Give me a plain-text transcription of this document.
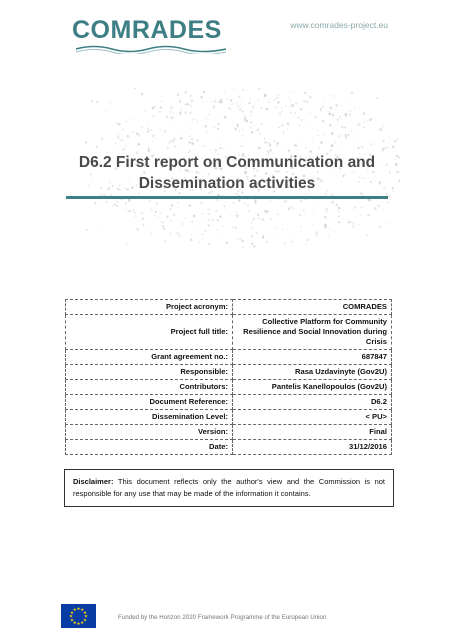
COMRADES	www.comrades-project.eu
D6.2 First report on Communication and Dissemination activities
Project acronym:	COMRADES
Project full title:	Collective Platform for Community Resilience and Social Innovation during Crisis
Grant agreement no.:	687847
Responsible:	Rasa Uzdavinyte (Gov2U)
Contributors:	Pantelis Kanellopoulos (Gov2U)
Document Reference:	D6.2
Dissemination Level:	< PU>
Version:	Final
Date:	31/12/2016
Disclaimer: This document reflects only the author's view and the Commission is not responsible for any use that may be made of the information it contains.
★ ★
★
★
★
★
★
★
★
★
★
★
Funded by the Horizon 2020 Framework Programme of the European Union
